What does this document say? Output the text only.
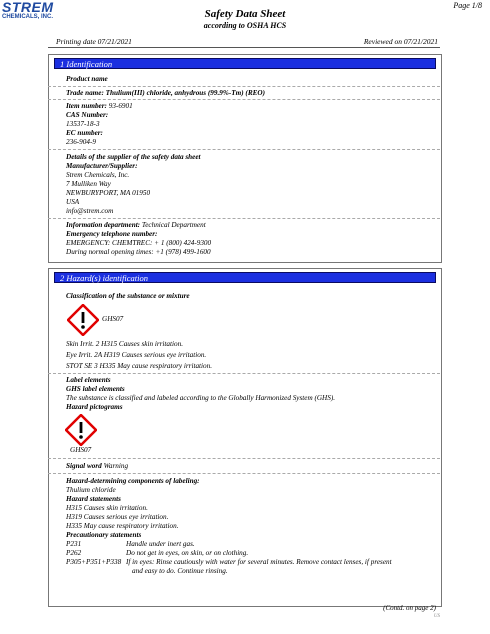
STREM
CHEMICALS, INC.
Page 1/8
Safety Data Sheet
according to OSHA HCS
Printing date 07/21/2021	Reviewed on 07/21/2021
1 Identification
Product name
Trade name: Thulium(III) chloride, anhydrous (99.9%-Tm) (REO)
Item number: 93-6901
CAS Number:
13537-18-3
EC number:
236-904-9
Details of the supplier of the safety data sheet
Manufacturer/Supplier:
Strem Chemicals, Inc.
7 Mulliken Way
NEWBURYPORT, MA 01950
USA
info@strem.com
Information department: Technical Department
Emergency telephone number:
EMERGENCY: CHEMTREC: + 1 (800) 424-9300
During normal opening times: +1 (978) 499-1600
2 Hazard(s) identification
Classification of the substance or mixture
GHS07
Skin Irrit. 2 H315 Causes skin irritation.
Eye Irrit. 2A H319 Causes serious eye irritation.
STOT SE 3 H335 May cause respiratory irritation.
Label elements
GHS label elements
The substance is classified and labeled according to the Globally Harmonized System (GHS).
Hazard pictograms
GHS07
Signal word Warning
Hazard-determining components of labeling:
Thulium chloride
Hazard statements
H315 Causes skin irritation.
H319 Causes serious eye irritation.
H335 May cause respiratory irritation.
Precautionary statements
P231	Handle under inert gas.
P262	Do not get in eyes, on skin, or on clothing.
P305+P351+P338 If in eyes: Rinse cautiously with water for several minutes. Remove contact lenses, if present
and easy to do. Continue rinsing.
(Contd. on page 2)
US
